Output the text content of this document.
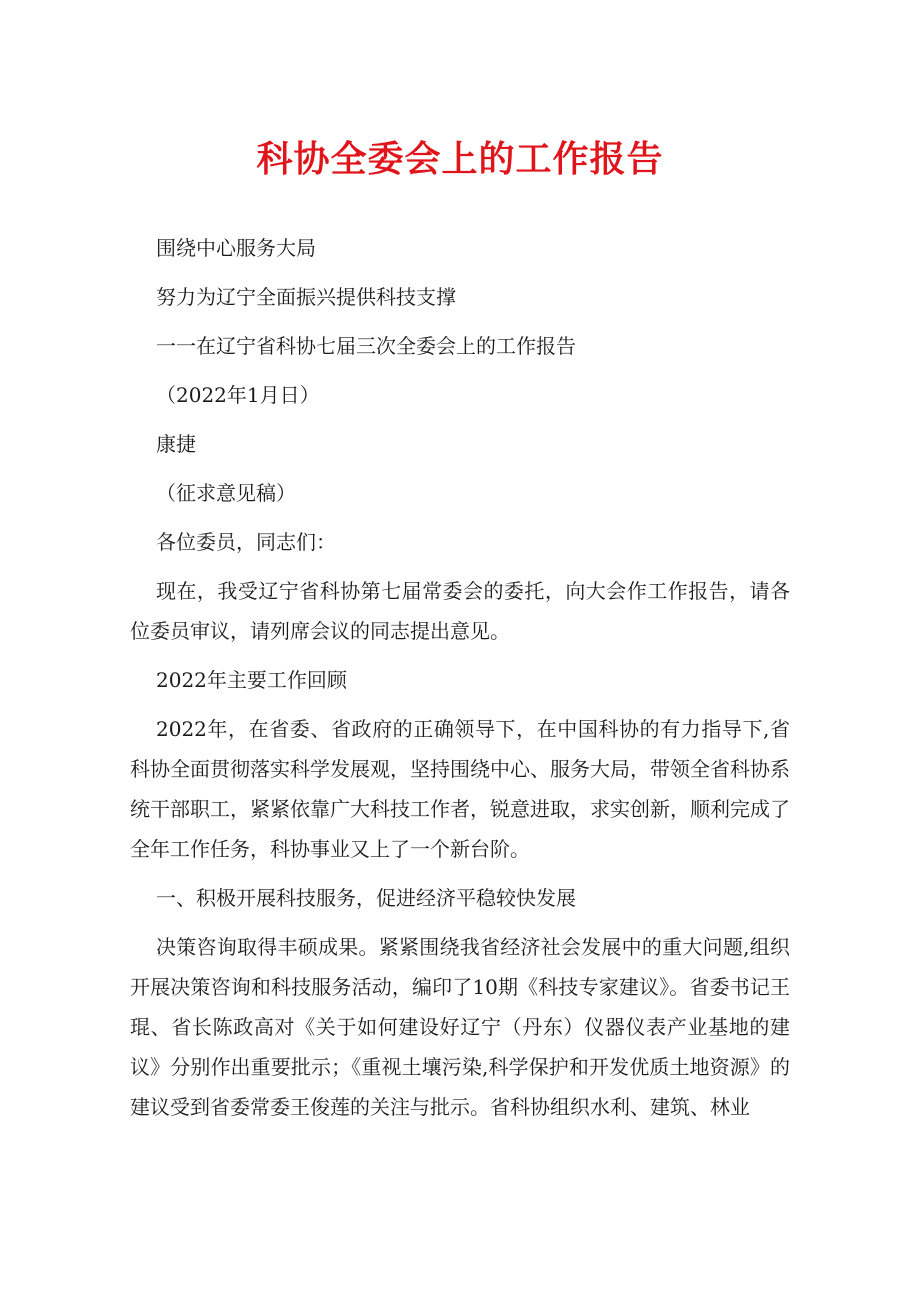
科协全委会上的工作报告

围绕中心服务大局

努力为辽宁全面振兴提供科技支撑

一一在辽宁省科协七届三次全委会上的工作报告

（2022年1月日）

康捷

（征求意见稿）

各位委员，同志们：

现在，我受辽宁省科协第七届常委会的委托，向大会作工作报告，请各位委员审议，请列席会议的同志提出意见。

2022年主要工作回顾

2022年，在省委、省政府的正确领导下，在中国科协的有力指导下,省科协全面贯彻落实科学发展观，坚持围绕中心、服务大局，带领全省科协系统干部职工，紧紧依靠广大科技工作者，锐意进取，求实创新，顺利完成了全年工作任务，科协事业又上了一个新台阶。

一、积极开展科技服务，促进经济平稳较快发展

决策咨询取得丰硕成果。紧紧围绕我省经济社会发展中的重大问题,组织开展决策咨询和科技服务活动，编印了10期《科技专家建议》。省委书记王琨、省长陈政高对《关于如何建设好辽宁（丹东）仪器仪表产业基地的建议》分别作出重要批示；《重视土壤污染,科学保护和开发优质土地资源》的建议受到省委常委王俊莲的关注与批示。省科协组织水利、建筑、林业
